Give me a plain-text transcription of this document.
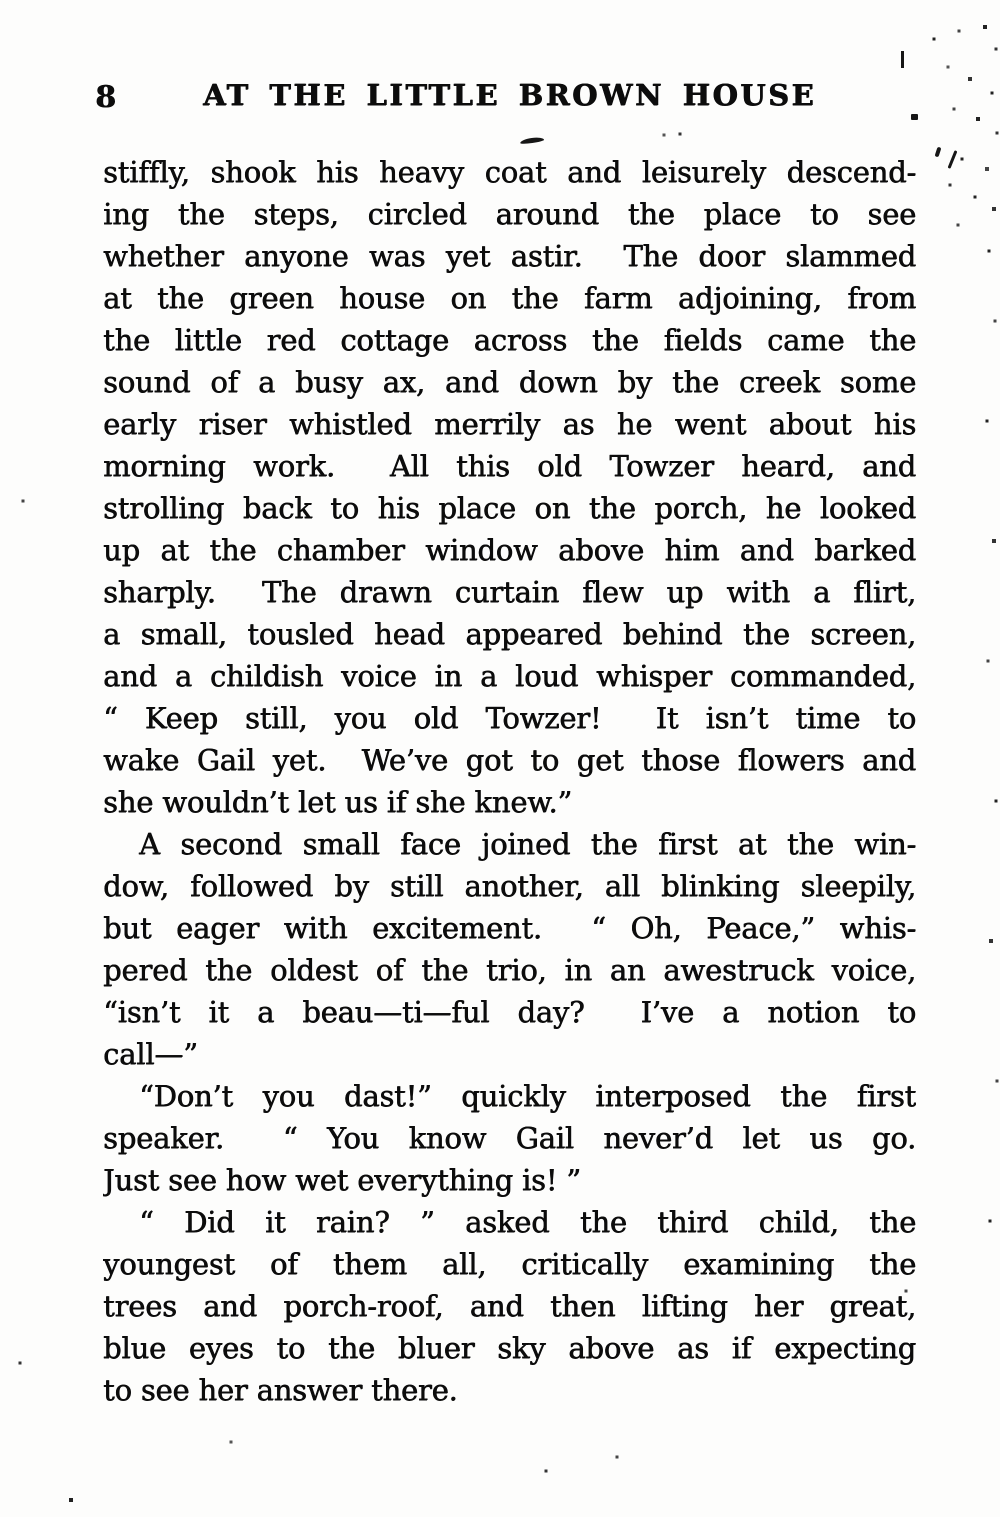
8	AT THE LITTLE BROWN HOUSE
stiffly, shook his heavy coat and leisurely descend-
ing the steps, circled around the place to see
whether anyone was yet astir.  The door slammed
at the green house on the farm adjoining, from
the little red cottage across the fields came the
sound of a busy ax, and down by the creek some
early riser whistled merrily as he went about his
morning work.  All this old Towzer heard, and
strolling back to his place on the porch, he looked
up at the chamber window above him and barked
sharply.  The drawn curtain flew up with a flirt,
a small, tousled head appeared behind the screen,
and a childish voice in a loud whisper commanded,
“ Keep still, you old Towzer!  It isn’t time to
wake Gail yet.  We’ve got to get those flowers and
she wouldn’t let us if she knew.”
A second small face joined the first at the win-
dow, followed by still another, all blinking sleepily,
but eager with excitement.  “ Oh, Peace,” whis-
pered the oldest of the trio, in an awestruck voice,
“isn’t it a beau—ti—ful day?  I’ve a notion to
call—”
“Don’t you dast!” quickly interposed the first
speaker.  “ You know Gail never’d let us go.
Just see how wet everything is! ”
“ Did it rain? ” asked the third child, the
youngest of them all, critically examining the
trees and porch-roof, and then lifting her great,
blue eyes to the bluer sky above as if expecting
to see her answer there.
